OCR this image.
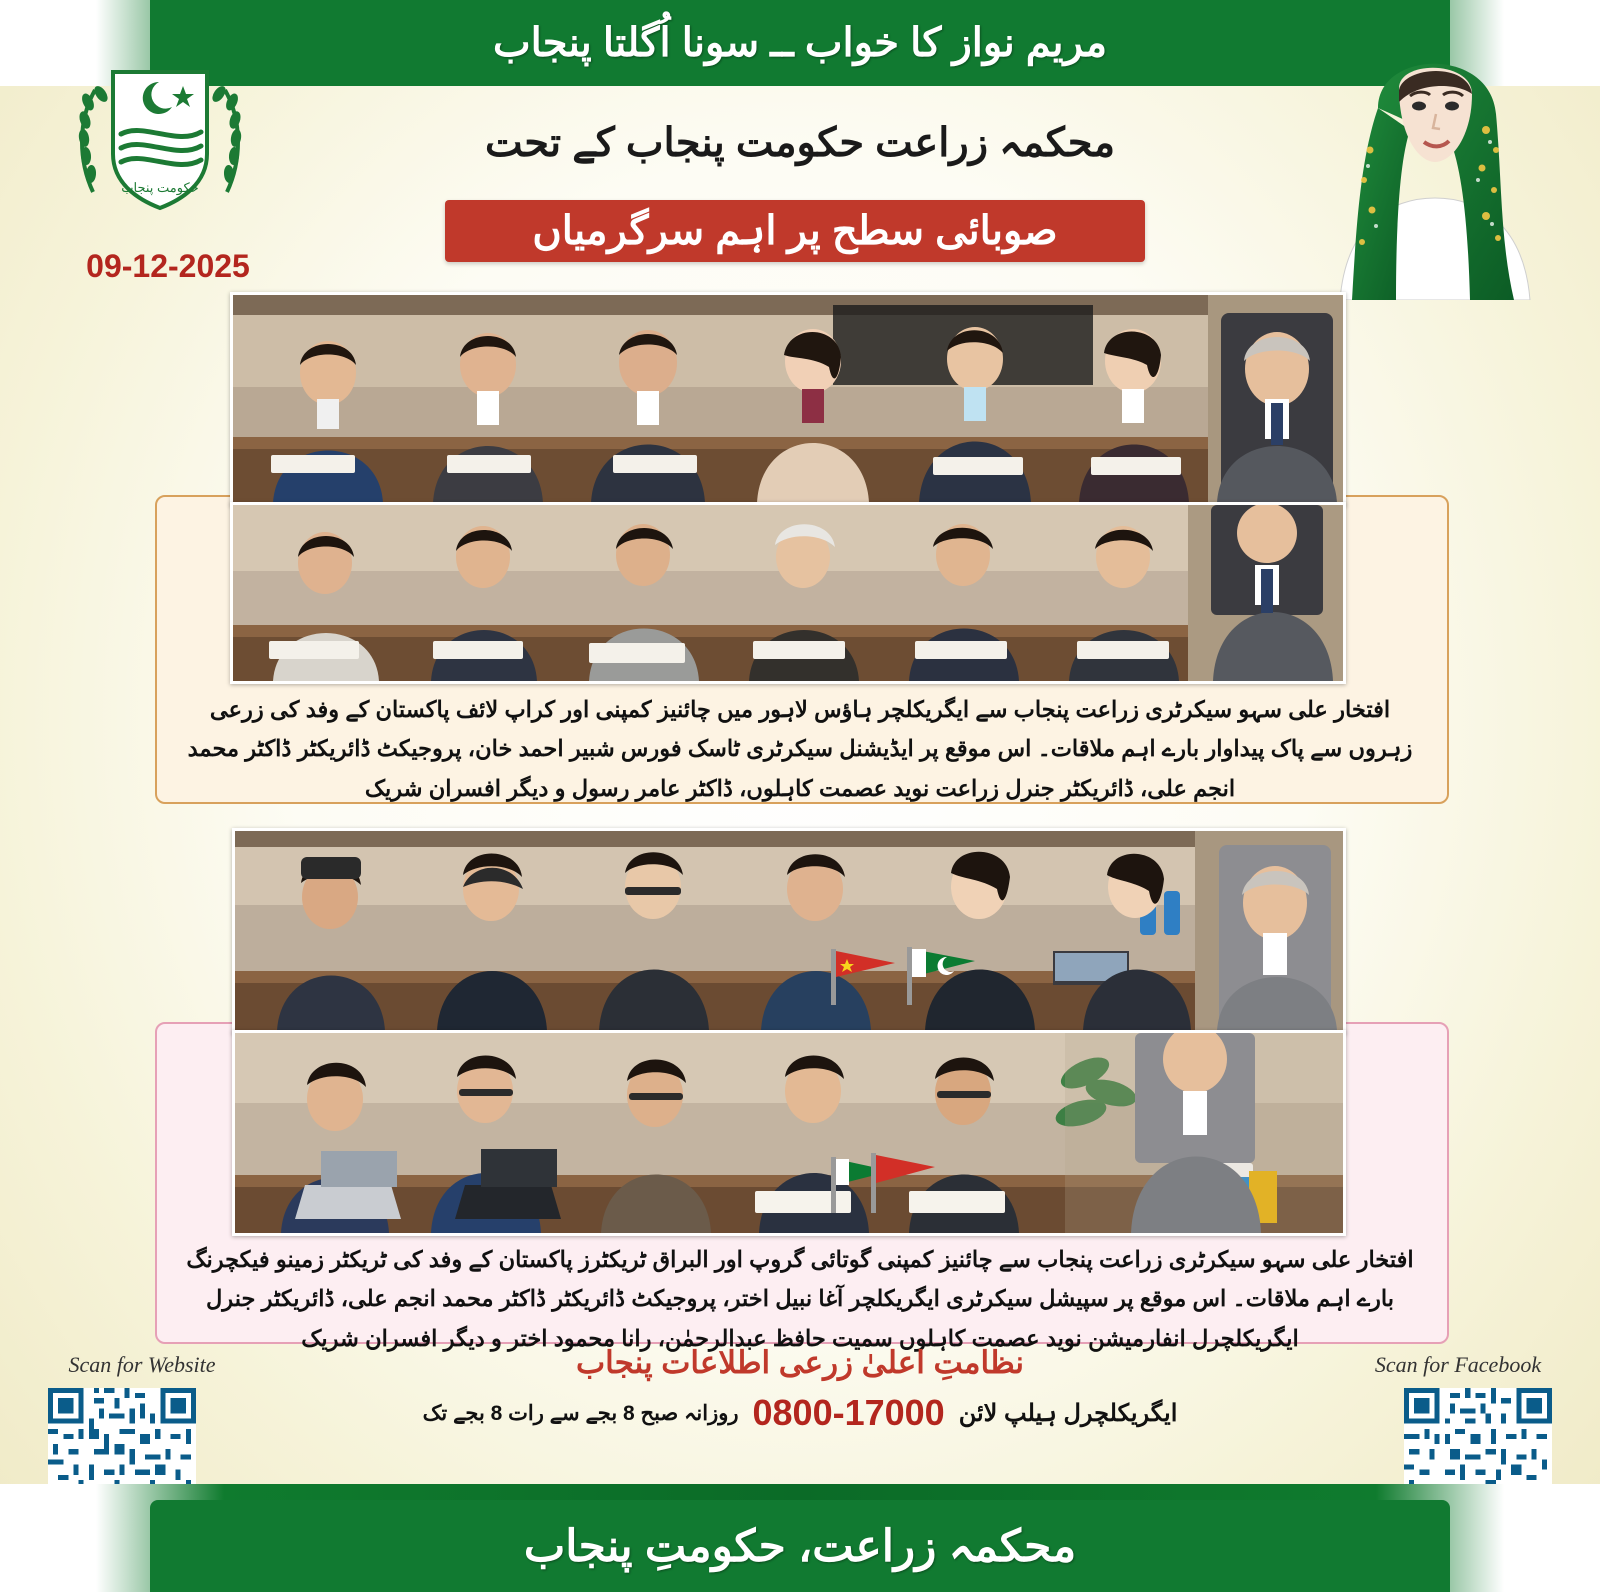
مریم نواز کا خواب ــ سونا اُگلتا پنجاب
حکومت پنجاب
09-12-2025
محکمہ زراعت حکومت پنجاب کے تحت
صوبائی سطح پر اہم سرگرمیاں
افتخار علی سہو سیکرٹری زراعت پنجاب سے ایگریکلچر ہاؤس لاہور میں چائنیز کمپنی اور کراپ لائف پاکستان کے وفد کی زرعی زہروں سے پاک پیداوار بارے اہم ملاقات۔ اس موقع پر ایڈیشنل سیکرٹری ٹاسک فورس شبیر احمد خان، پروجیکٹ ڈائریکٹر ڈاکٹر محمد انجم علی، ڈائریکٹر جنرل زراعت نوید عصمت کاہلوں، ڈاکٹر عامر رسول و دیگر افسران شریک
افتخار علی سہو سیکرٹری زراعت پنجاب سے چائنیز کمپنی گوتائی گروپ اور البراق ٹریکٹرز پاکستان کے وفد کی ٹریکٹر زمینو فیکچرنگ بارے اہم ملاقات۔ اس موقع پر سپیشل سیکرٹری ایگریکلچر آغا نبیل اختر، پروجیکٹ ڈائریکٹر ڈاکٹر محمد انجم علی، ڈائریکٹر جنرل ایگریکلچرل انفارمیشن نوید عصمت کاہلوں سمیت حافظ عبدالرحمٰن، رانا محمود اختر و دیگر افسران شریک
نظامتِ اعلیٰ زرعی اطلاعات پنجاب
ایگریکلچرل ہیلپ لائن
0800-17000
روزانہ صبح 8 بجے سے رات 8 بجے تک
Scan for Website	Scan for Facebook
محکمہ زراعت، حکومتِ پنجاب
